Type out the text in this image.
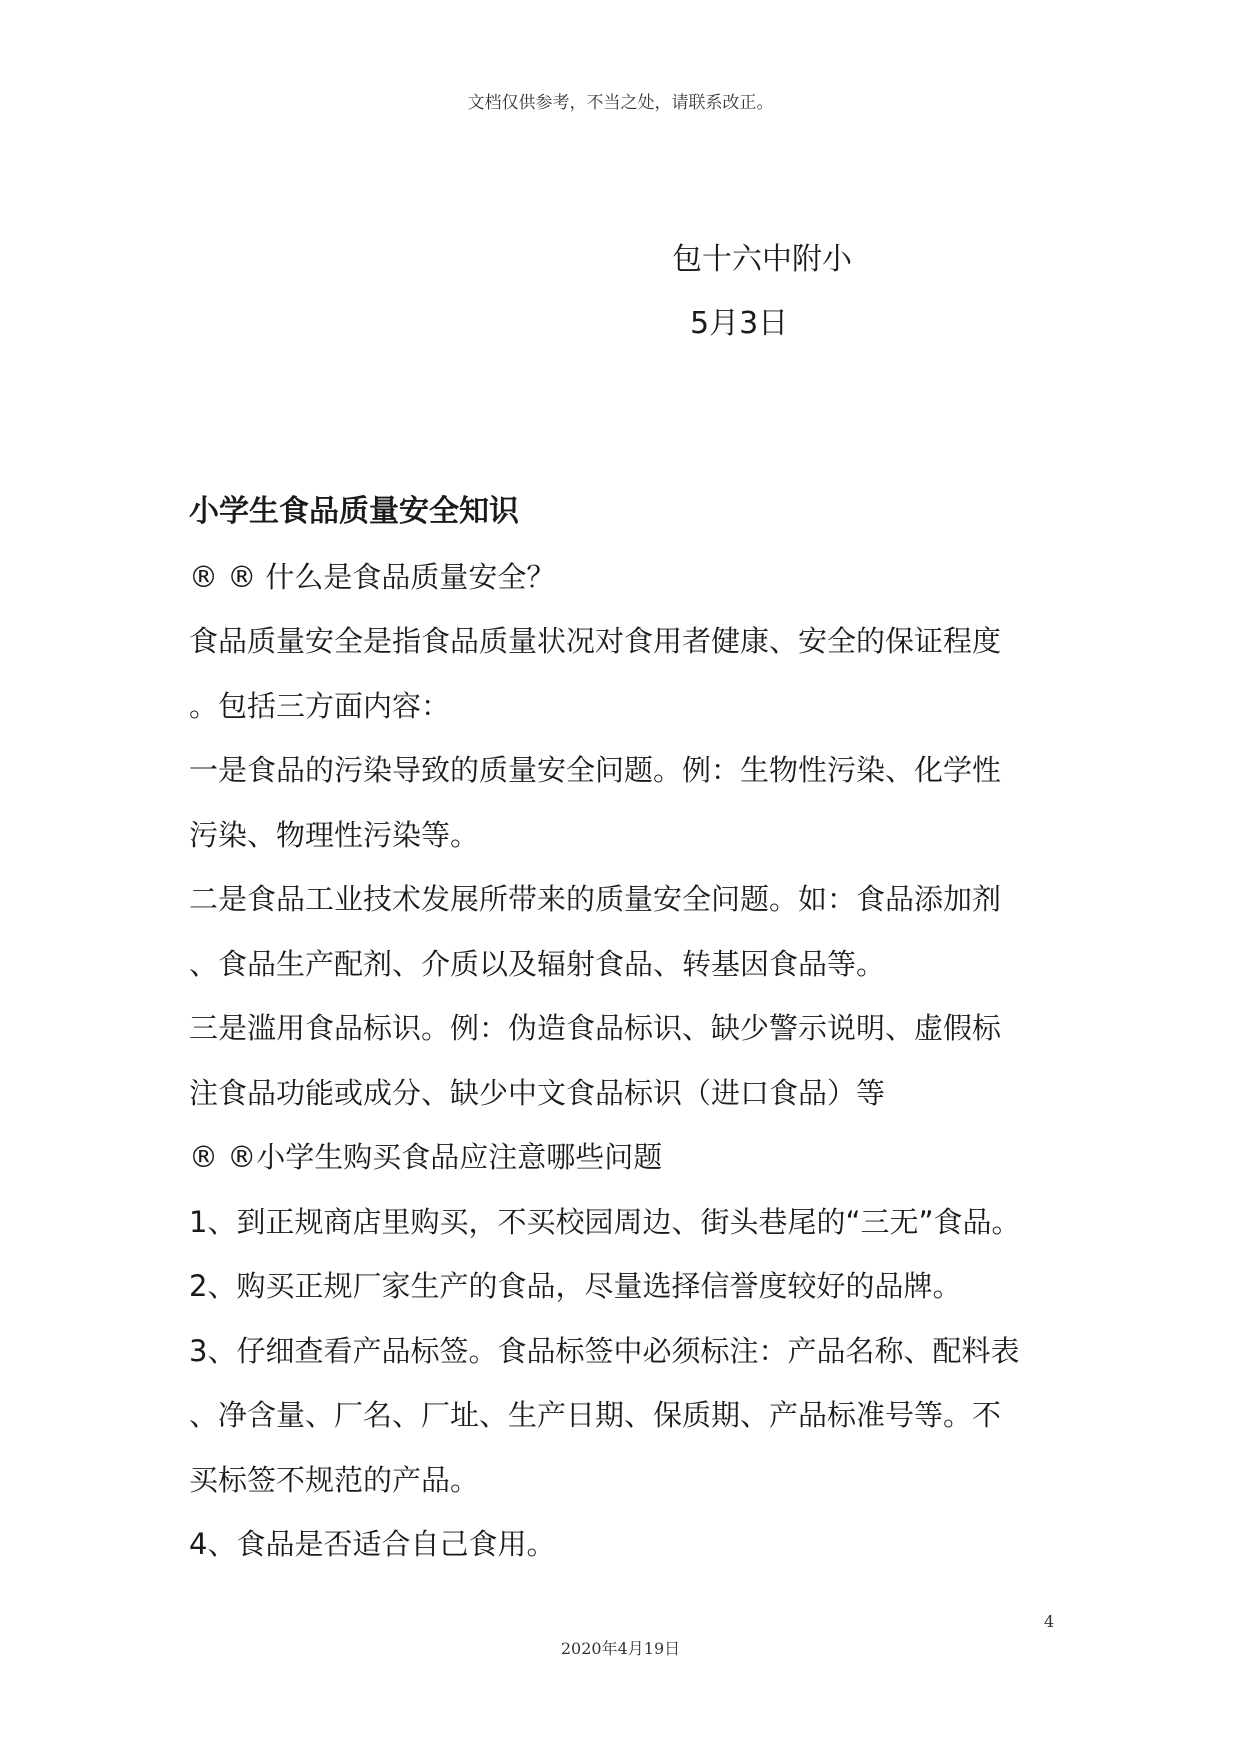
文档仅供参考，不当之处，请联系改正。
包十六中附小
5月3日
小学生食品质量安全知识
® ® 什么是食品质量安全？
食品质量安全是指食品质量状况对食用者健康、安全的保证程度
。包括三方面内容：
一是食品的污染导致的质量安全问题。例：生物性污染、化学性
污染、物理性污染等。
二是食品工业技术发展所带来的质量安全问题。如：食品添加剂
、食品生产配剂、介质以及辐射食品、转基因食品等。
三是滥用食品标识。例：伪造食品标识、缺少警示说明、虚假标
注食品功能或成分、缺少中文食品标识（进口食品）等
® ®小学生购买食品应注意哪些问题
1、到正规商店里购买，不买校园周边、街头巷尾的“三无”食品。
2、购买正规厂家生产的食品，尽量选择信誉度较好的品牌。
3、仔细查看产品标签。食品标签中必须标注：产品名称、配料表
、净含量、厂名、厂址、生产日期、保质期、产品标准号等。不
买标签不规范的产品。
4、食品是否适合自己食用。
4
2020年4月19日
